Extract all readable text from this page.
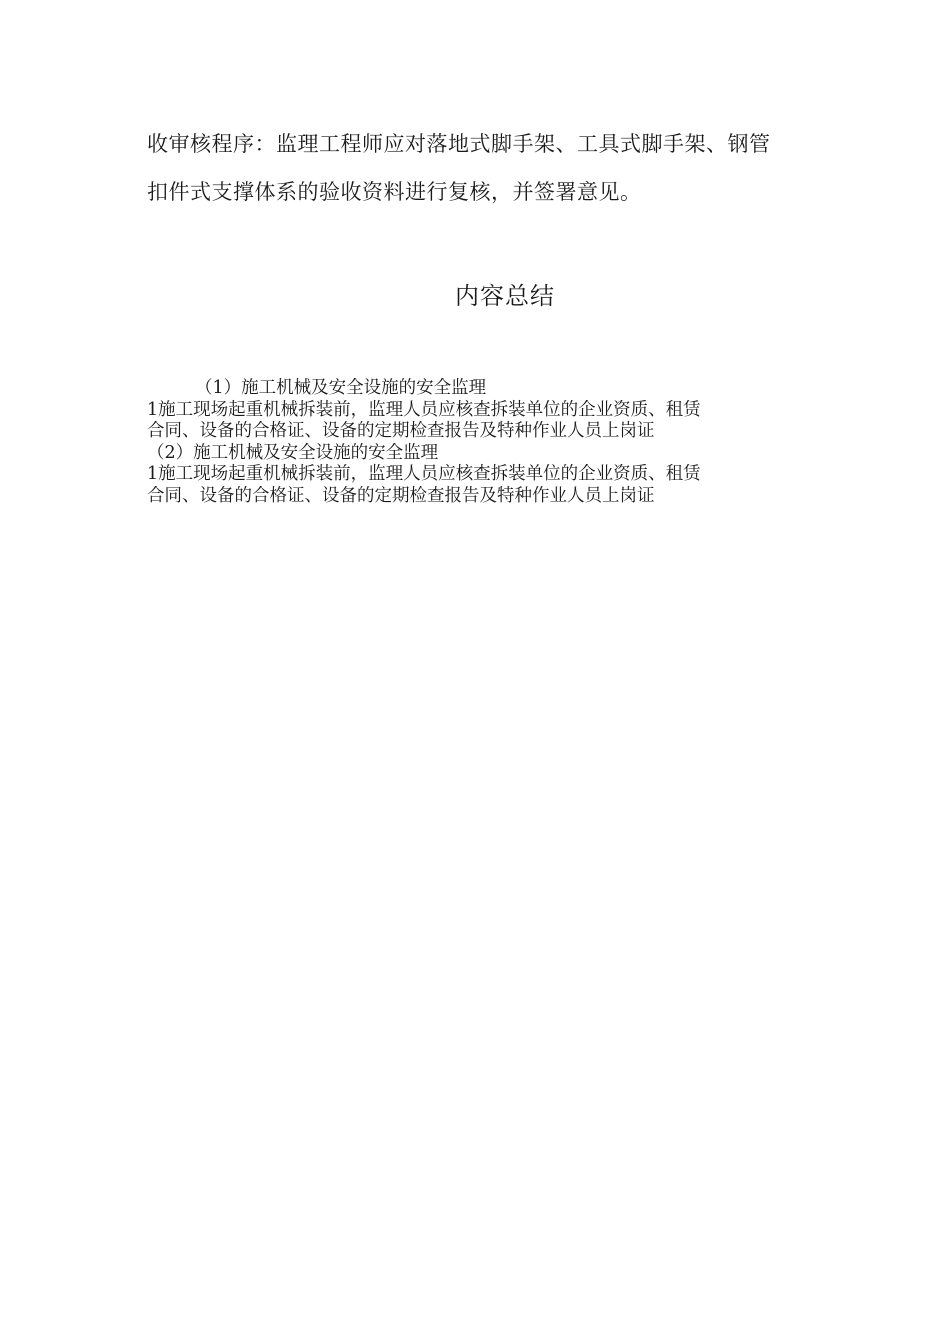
收审核程序：监理工程师应对落地式脚手架、工具式脚手架、钢管

扣件式支撑体系的验收资料进行复核，并签署意见。

内容总结

（1）施工机械及安全设施的安全监理

1施工现场起重机械拆装前，监理人员应核查拆装单位的企业资质、租赁

合同、设备的合格证、设备的定期检查报告及特种作业人员上岗证

（2）施工机械及安全设施的安全监理

1施工现场起重机械拆装前，监理人员应核查拆装单位的企业资质、租赁

合同、设备的合格证、设备的定期检查报告及特种作业人员上岗证
